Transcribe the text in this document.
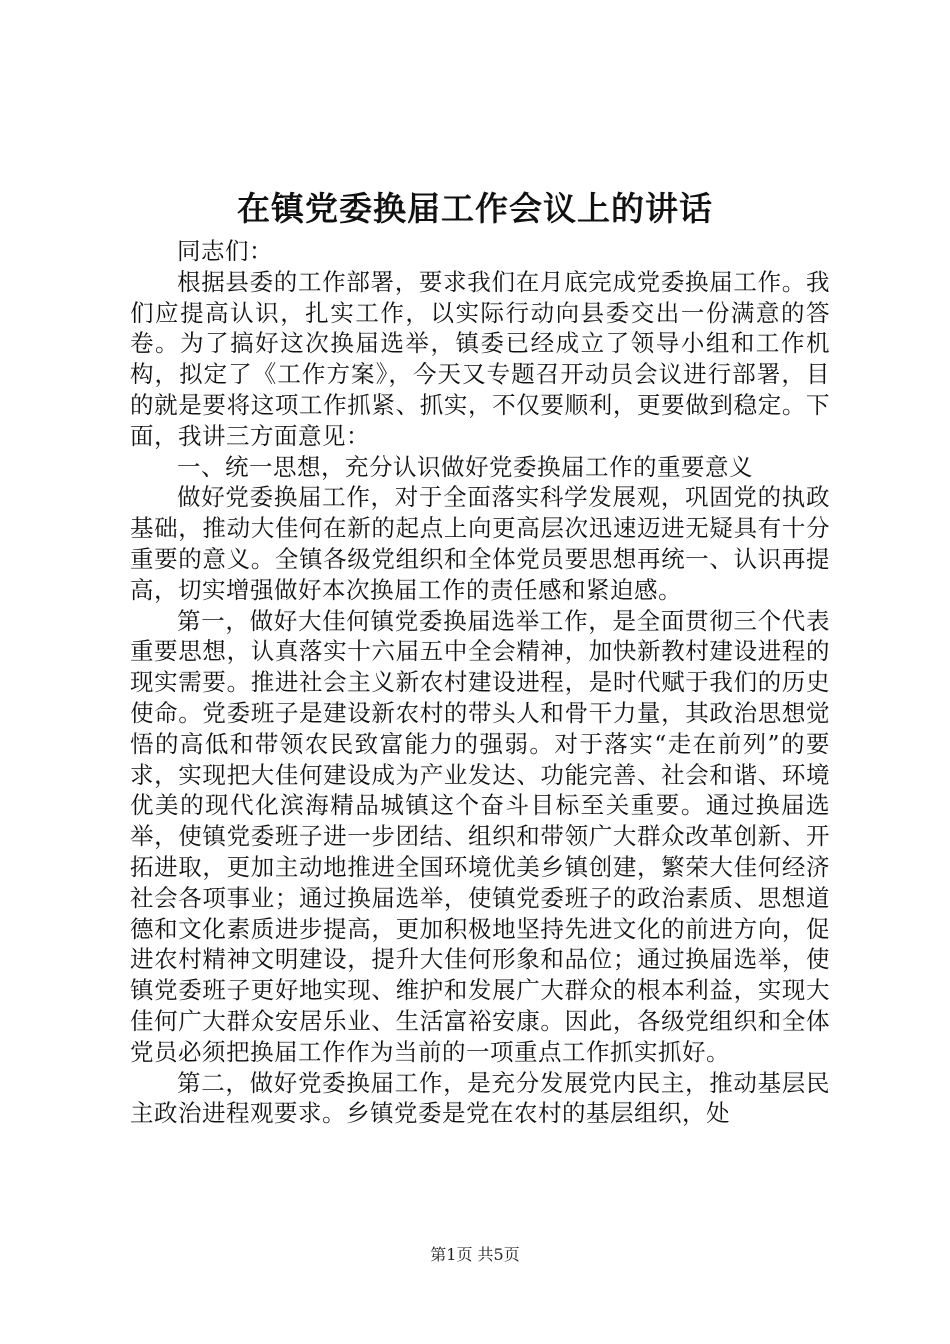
在镇党委换届工作会议上的讲话

同志们：

根据县委的工作部署，要求我们在月底完成党委换届工作。我们应提高认识，扎实工作，以实际行动向县委交出一份满意的答卷。为了搞好这次换届选举，镇委已经成立了领导小组和工作机构，拟定了《工作方案》，今天又专题召开动员会议进行部署，目的就是要将这项工作抓紧、抓实，不仅要顺利，更要做到稳定。下面，我讲三方面意见：

一、统一思想，充分认识做好党委换届工作的重要意义

做好党委换届工作，对于全面落实科学发展观，巩固党的执政基础，推动大佳何在新的起点上向更高层次迅速迈进无疑具有十分重要的意义。全镇各级党组织和全体党员要思想再统一、认识再提高，切实增强做好本次换届工作的责任感和紧迫感。

第一，做好大佳何镇党委换届选举工作，是全面贯彻三个代表重要思想，认真落实十六届五中全会精神，加快新教村建设进程的现实需要。推进社会主义新农村建设进程，是时代赋于我们的历史使命。党委班子是建设新农村的带头人和骨干力量，其政治思想觉悟的高低和带领农民致富能力的强弱。对于落实“走在前列”的要求，实现把大佳何建设成为产业发达、功能完善、社会和谐、环境优美的现代化滨海精品城镇这个奋斗目标至关重要。通过换届选举，使镇党委班子进一步团结、组织和带领广大群众改革创新、开拓进取，更加主动地推进全国环境优美乡镇创建，繁荣大佳何经济社会各项事业；通过换届选举，使镇党委班子的政治素质、思想道德和文化素质进步提高，更加积极地坚持先进文化的前进方向，促进农村精神文明建设，提升大佳何形象和品位；通过换届选举，使镇党委班子更好地实现、维护和发展广大群众的根本利益，实现大佳何广大群众安居乐业、生活富裕安康。因此，各级党组织和全体党员必须把换届工作作为当前的一项重点工作抓实抓好。

第二，做好党委换届工作，是充分发展党内民主，推动基层民主政治进程观要求。乡镇党委是党在农村的基层组织，处

第1页 共5页
